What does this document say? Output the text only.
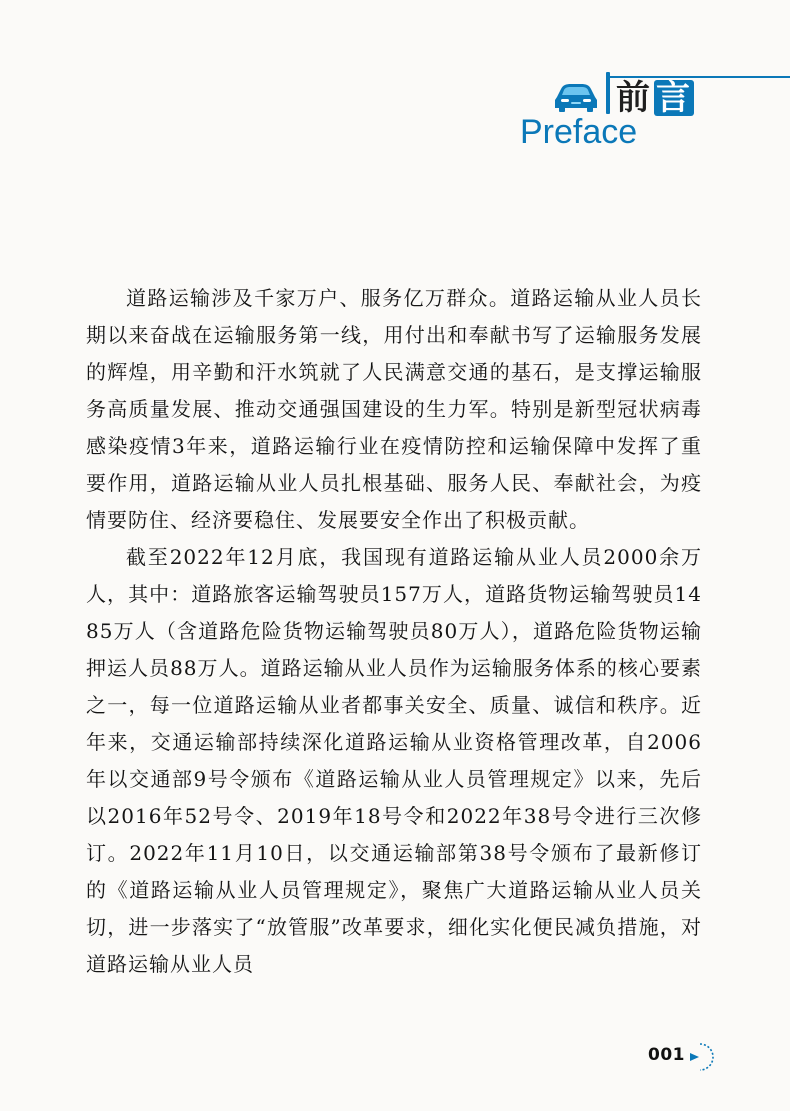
前 言
Preface

道路运输涉及千家万户、服务亿万群众。道路运输从业人员长期以来奋战在运输服务第一线，用付出和奉献书写了运输服务发展的辉煌，用辛勤和汗水筑就了人民满意交通的基石，是支撑运输服务高质量发展、推动交通强国建设的生力军。特别是新型冠状病毒感染疫情3年来，道路运输行业在疫情防控和运输保障中发挥了重要作用，道路运输从业人员扎根基础、服务人民、奉献社会，为疫情要防住、经济要稳住、发展要安全作出了积极贡献。

截至2022年12月底，我国现有道路运输从业人员2000余万人，其中：道路旅客运输驾驶员157万人，道路货物运输驾驶员1485万人（含道路危险货物运输驾驶员80万人），道路危险货物运输押运人员88万人。道路运输从业人员作为运输服务体系的核心要素之一，每一位道路运输从业者都事关安全、质量、诚信和秩序。近年来，交通运输部持续深化道路运输从业资格管理改革，自2006年以交通部9号令颁布《道路运输从业人员管理规定》以来，先后以2016年52号令、2019年18号令和2022年38号令进行三次修订。2022年11月10日，以交通运输部第38号令颁布了最新修订的《道路运输从业人员管理规定》，聚焦广大道路运输从业人员关切，进一步落实了“放管服”改革要求，细化实化便民减负措施，对道路运输从业人员

001
